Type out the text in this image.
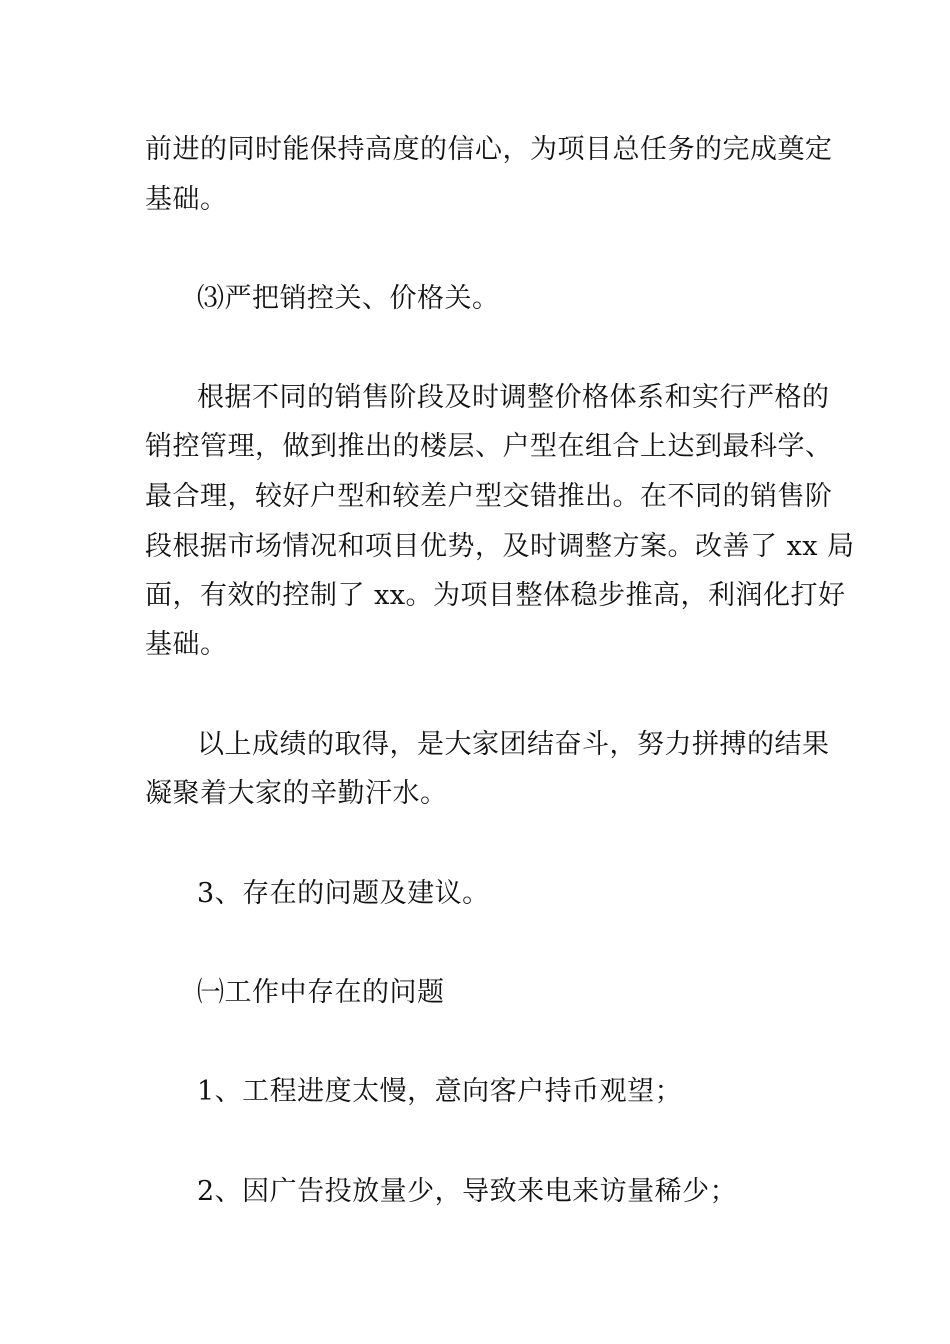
前进的同时能保持高度的信心，为项目总任务的完成奠定
基础。
⑶严把销控关、价格关。
根据不同的销售阶段及时调整价格体系和实行严格的
销控管理，做到推出的楼层、户型在组合上达到最科学、
最合理，较好户型和较差户型交错推出。在不同的销售阶
段根据市场情况和项目优势，及时调整方案。改善了 xx 局
面，有效的控制了 xx。为项目整体稳步推高，利润化打好
基础。
以上成绩的取得，是大家团结奋斗，努力拼搏的结果
凝聚着大家的辛勤汗水。
3、存在的问题及建议。
㈠工作中存在的问题
1、工程进度太慢，意向客户持币观望；
2、因广告投放量少，导致来电来访量稀少；
